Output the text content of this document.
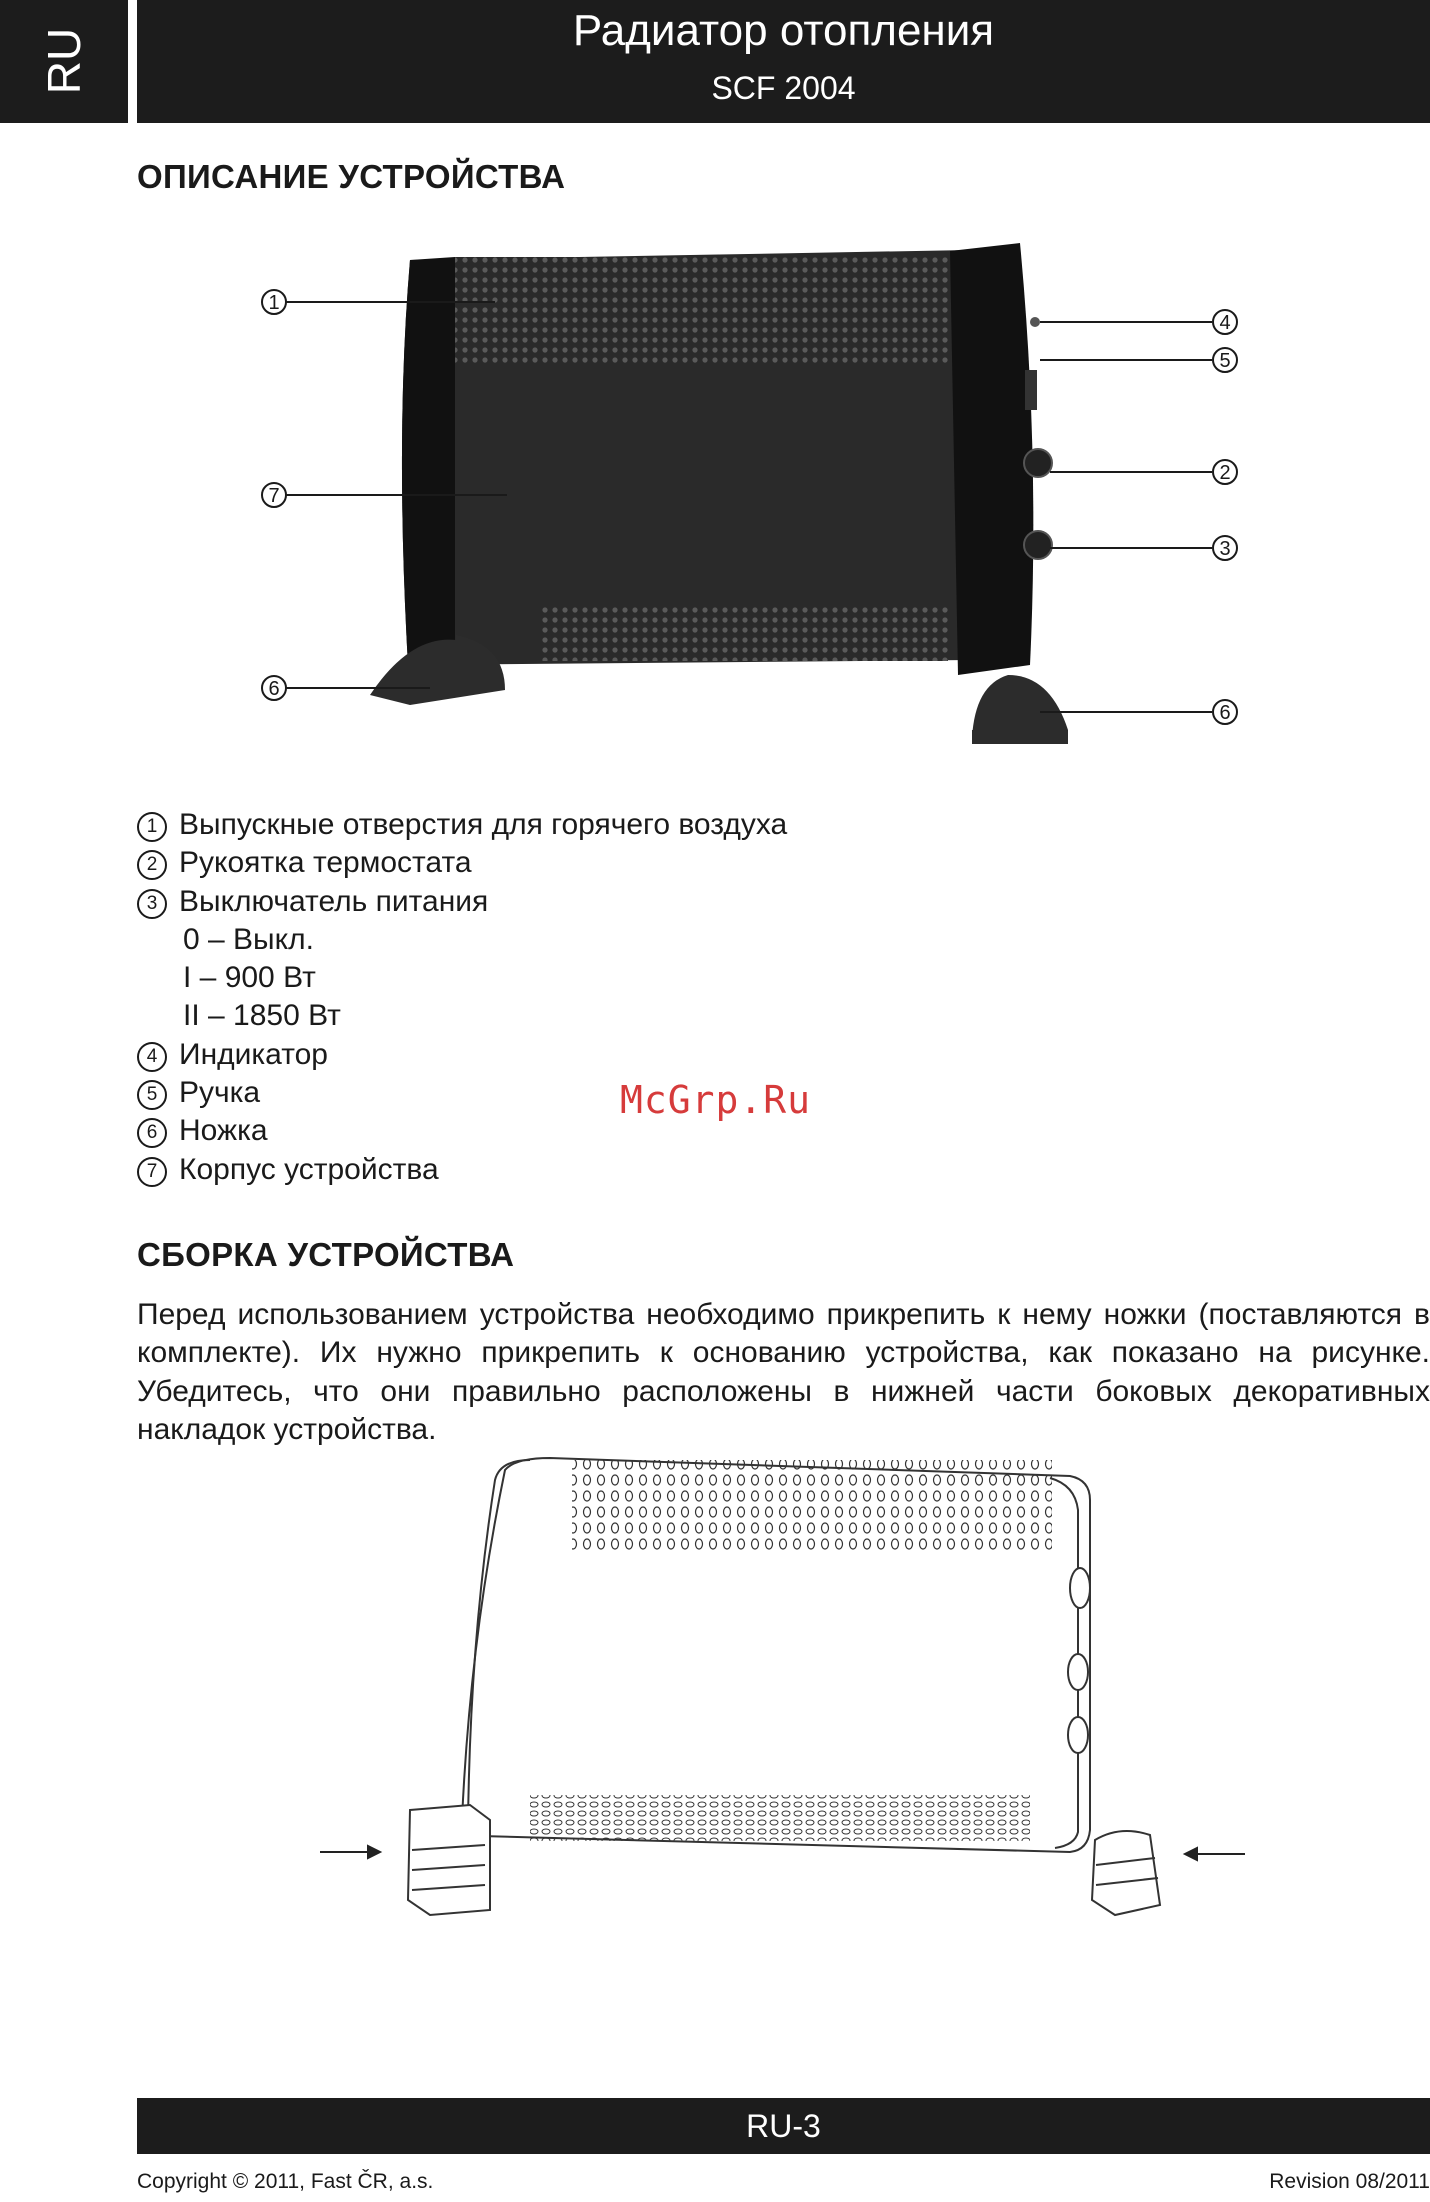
RU	Радиатор отопления
SCF 2004
ОПИСАНИЕ УСТРОЙСТВА
1
7
6
4
5
2
3
6
1 Выпускные отверстия для горячего воздуха
2 Рукоятка термостата
3 Выключатель питания
0 – Выкл.
I – 900 Вт
II – 1850 Вт
4 Индикатор
5 Ручка
6 Ножка
7 Корпус устройства
McGrp.Ru
СБОРКА УСТРОЙСТВА

Перед использованием устройства необходимо прикрепить к нему ножки (поставляются в комплекте). Их нужно прикрепить к основанию устройства, как показано на рисунке. Убедитесь, что они правильно расположены в нижней части боковых декоративных накладок устройства.

RU-3
Copyright © 2011, Fast ČR, a.s.	Revision 08/2011
